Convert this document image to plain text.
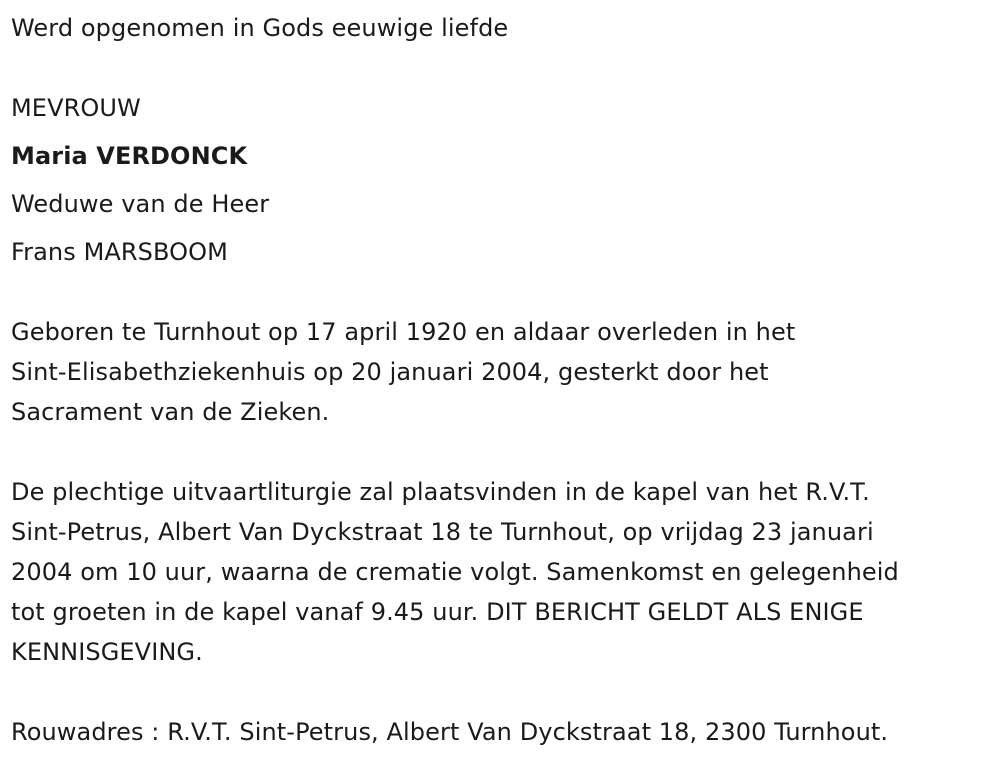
Werd opgenomen in Gods eeuwige liefde
MEVROUW
Maria VERDONCK
Weduwe van de Heer
Frans MARSBOOM
Geboren te Turnhout op 17 april 1920 en aldaar overleden in het
Sint-Elisabethziekenhuis op 20 januari 2004, gesterkt door het
Sacrament van de Zieken.
De plechtige uitvaartliturgie zal plaatsvinden in de kapel van het R.V.T.
Sint-Petrus, Albert Van Dyckstraat 18 te Turnhout, op vrijdag 23 januari
2004 om 10 uur, waarna de crematie volgt. Samenkomst en gelegenheid
tot groeten in de kapel vanaf 9.45 uur. DIT BERICHT GELDT ALS ENIGE
KENNISGEVING.
Rouwadres : R.V.T. Sint-Petrus, Albert Van Dyckstraat 18, 2300 Turnhout.
